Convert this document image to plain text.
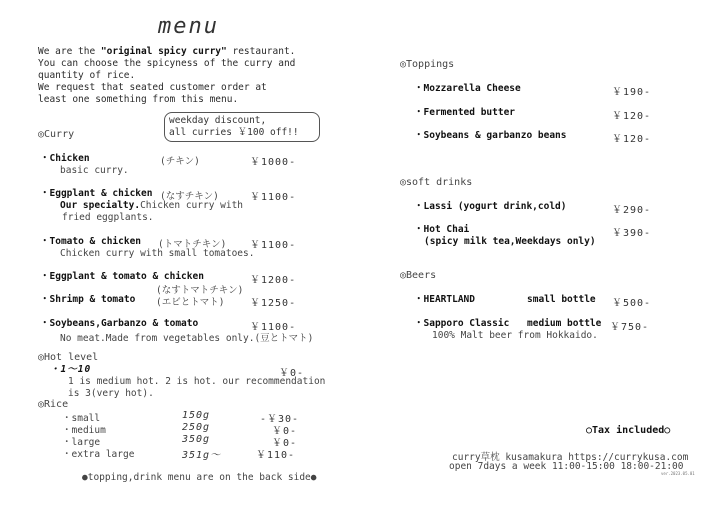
menu
We are the "original spicy curry" restaurant.
You can choose the spicyness of the curry and
quantity of rice.
We request that seated customer order at
least one something from this menu.
◎Curry
weekday discount,
all curries ￥100 off!!
・Chicken	(チキン)	￥1000-
basic curry.
・Eggplant & chicken (なすチキン)	￥1100-
Our specialty.Chicken curry with
fried eggplants.
・Tomato & chicken (トマトチキン) ￥1100-
Chicken curry with small tomatoes.
・Eggplant & tomato & chicken	￥1200-
(なすトマトチキン)
・Shrimp & tomato (エビとトマト)	￥1250-
・Soybeans,Garbanzo & tomato	￥1100-
No meat.Made from vegetables only.(豆とトマト)
◎Hot level
・1〜10	￥0-
1 is medium hot. 2 is hot. our recommendation
is 3(very hot).
◎Rice
・small	150g	-￥30-
・medium	250g	￥0-
・large	350g	￥0-
・extra large	351g〜	￥110-
●topping,drink menu are on the back side●
◎Toppings
・Mozzarella Cheese	￥190-
・Fermented butter	￥120-
・Soybeans & garbanzo beans	￥120-
◎soft drinks
・Lassi (yogurt drink,cold)	￥290-
・Hot Chai	￥390-
(spicy milk tea,Weekdays only)
◎Beers
・HEARTLAND	small bottle ￥500-
・Sapporo Classic medium bottle ￥750-
100% Malt beer from Hokkaido.
○Tax included○
curry草枕 kusamakura https://currykusa.com
open 7days a week 11:00-15:00 18:00-21:00
ver.2023.05.01
